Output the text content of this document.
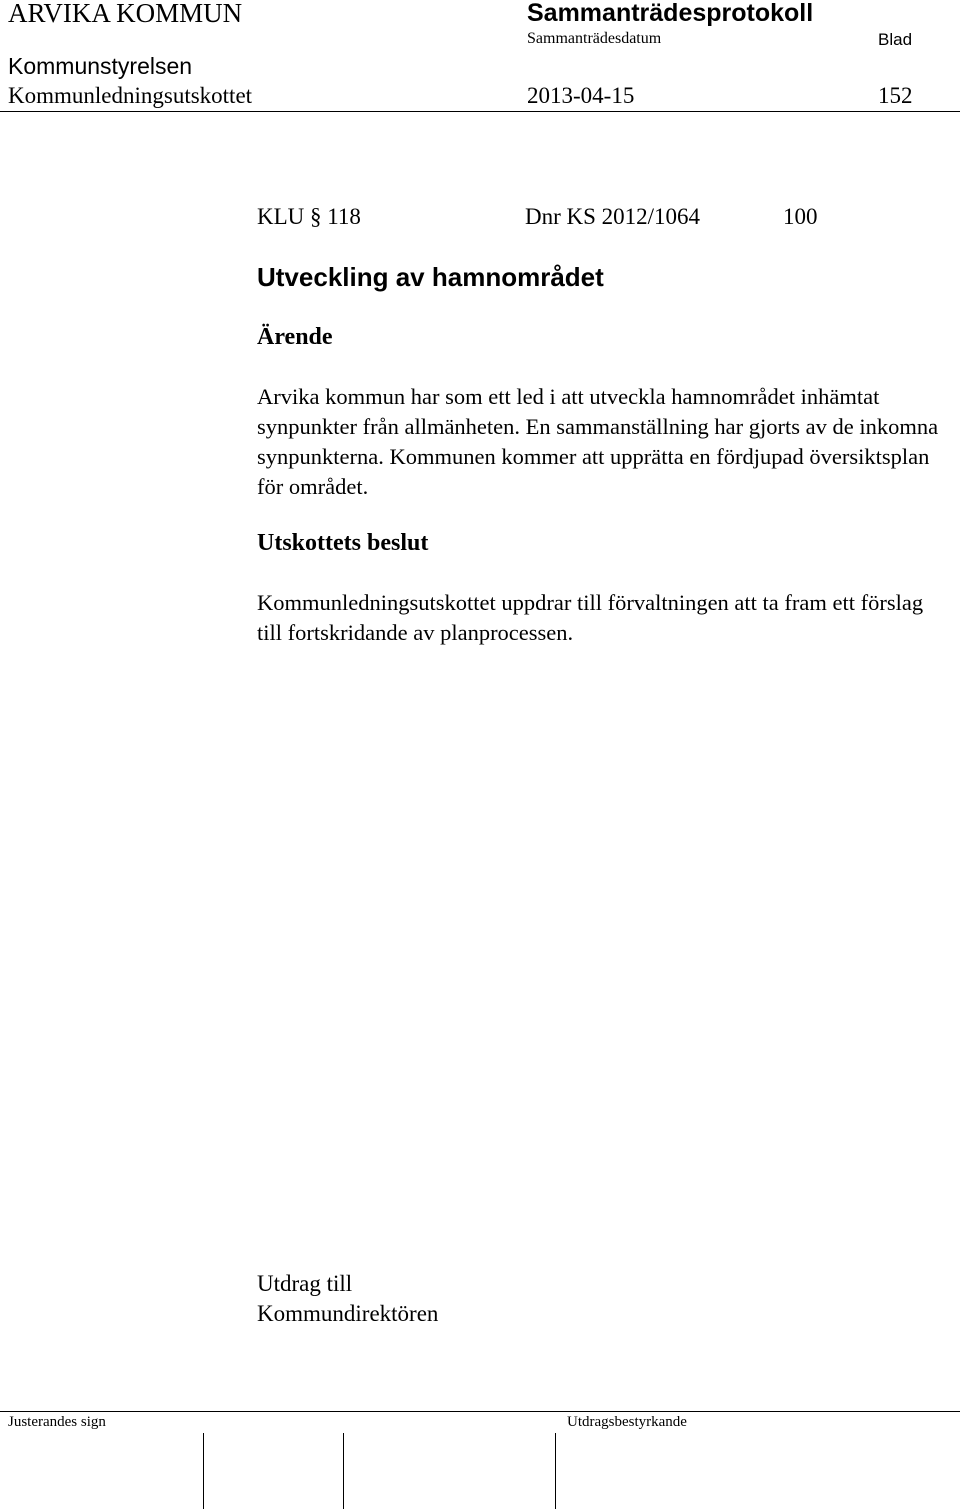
ARVIKA KOMMUN	Sammanträdesprotokoll
Sammanträdesdatum	Blad
Kommunstyrelsen
Kommunledningsutskottet	2013-04-15	152
KLU § 118	Dnr KS 2012/1064	100
Utveckling av hamnområdet
Ärende
Arvika kommun har som ett led i att utveckla hamnområdet inhämtat synpunkter från allmänheten. En sammanställning har gjorts av de inkomna synpunkterna. Kommunen kommer att upprätta en fördjupad översiktsplan för området.
Utskottets beslut
Kommunledningsutskottet uppdrar till förvaltningen att ta fram ett förslag till fortskridande av planprocessen.
Utdrag till
Kommundirektören
Justerandes sign	Utdragsbestyrkande
